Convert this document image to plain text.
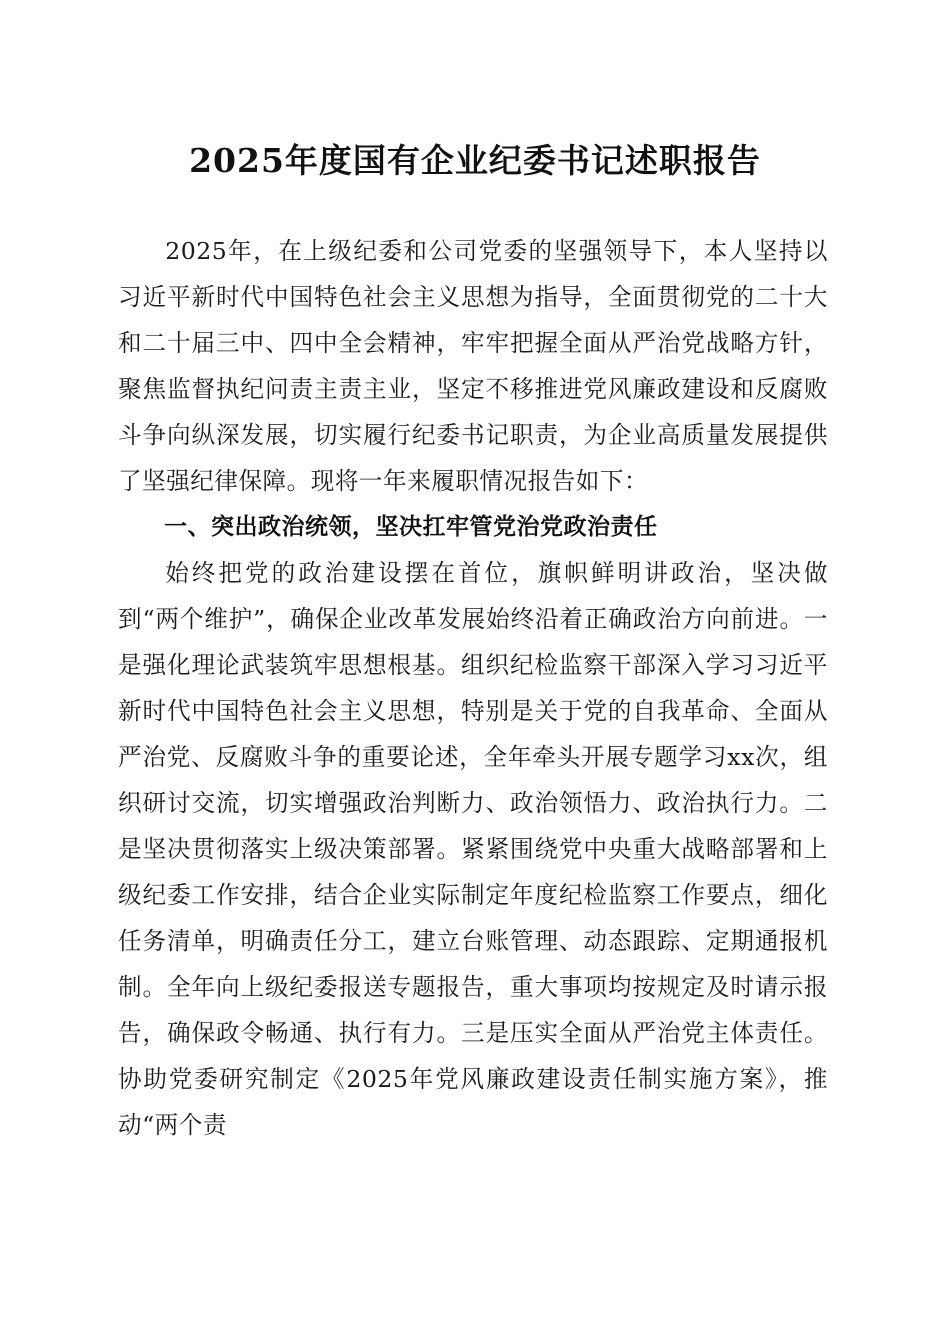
2025年度国有企业纪委书记述职报告

2025年，在上级纪委和公司党委的坚强领导下，本人坚持以习近平新时代中国特色社会主义思想为指导，全面贯彻党的二十大和二十届三中、四中全会精神，牢牢把握全面从严治党战略方针，聚焦监督执纪问责主责主业，坚定不移推进党风廉政建设和反腐败斗争向纵深发展，切实履行纪委书记职责，为企业高质量发展提供了坚强纪律保障。现将一年来履职情况报告如下：

一、突出政治统领，坚决扛牢管党治党政治责任

始终把党的政治建设摆在首位，旗帜鲜明讲政治，坚决做到“两个维护”，确保企业改革发展始终沿着正确政治方向前进。一是强化理论武装筑牢思想根基。组织纪检监察干部深入学习习近平新时代中国特色社会主义思想，特别是关于党的自我革命、全面从严治党、反腐败斗争的重要论述，全年牵头开展专题学习xx次，组织研讨交流，切实增强政治判断力、政治领悟力、政治执行力。二是坚决贯彻落实上级决策部署。紧紧围绕党中央重大战略部署和上级纪委工作安排，结合企业实际制定年度纪检监察工作要点，细化任务清单，明确责任分工，建立台账管理、动态跟踪、定期通报机制。全年向上级纪委报送专题报告，重大事项均按规定及时请示报告，确保政令畅通、执行有力。三是压实全面从严治党主体责任。协助党委研究制定《2025年党风廉政建设责任制实施方案》，推动“两个责
